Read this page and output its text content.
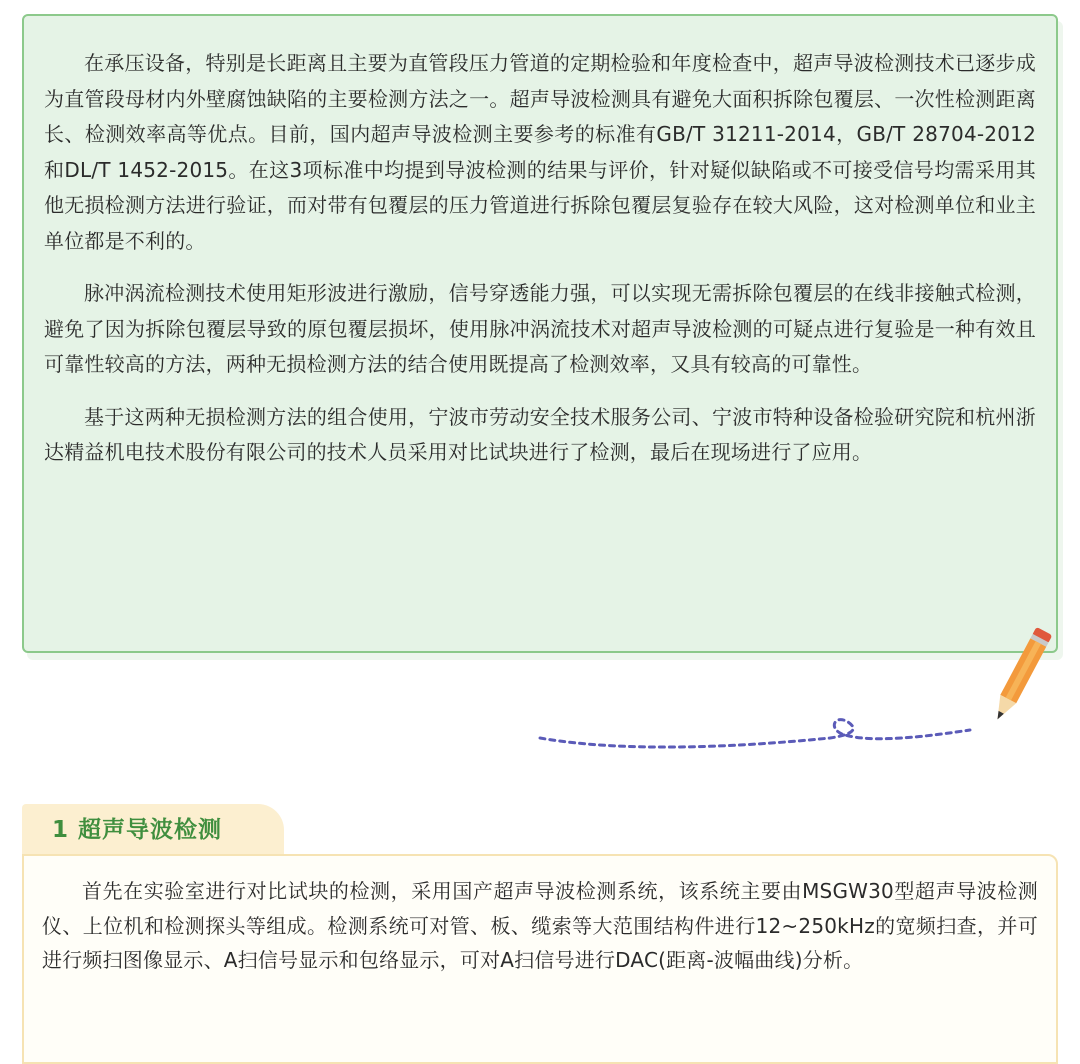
在承压设备，特别是长距离且主要为直管段压力管道的定期检验和年度检查中，超声导波检测技术已逐步成为直管段母材内外壁腐蚀缺陷的主要检测方法之一。超声导波检测具有避免大面积拆除包覆层、一次性检测距离长、检测效率高等优点。目前，国内超声导波检测主要参考的标准有GB/T 31211-2014，GB/T 28704-2012和DL/T 1452-2015。在这3项标准中均提到导波检测的结果与评价，针对疑似缺陷或不可接受信号均需采用其他无损检测方法进行验证，而对带有包覆层的压力管道进行拆除包覆层复验存在较大风险，这对检测单位和业主单位都是不利的。

脉冲涡流检测技术使用矩形波进行激励，信号穿透能力强，可以实现无需拆除包覆层的在线非接触式检测，避免了因为拆除包覆层导致的原包覆层损坏，使用脉冲涡流技术对超声导波检测的可疑点进行复验是一种有效且可靠性较高的方法，两种无损检测方法的结合使用既提高了检测效率，又具有较高的可靠性。

基于这两种无损检测方法的组合使用，宁波市劳动安全技术服务公司、宁波市特种设备检验研究院和杭州浙达精益机电技术股份有限公司的技术人员采用对比试块进行了检测，最后在现场进行了应用。

1 超声导波检测

首先在实验室进行对比试块的检测，采用国产超声导波检测系统，该系统主要由MSGW30型超声导波检测仪、上位机和检测探头等组成。检测系统可对管、板、缆索等大范围结构件进行12~250kHz的宽频扫查，并可进行频扫图像显示、A扫信号显示和包络显示，可对A扫信号进行DAC(距离-波幅曲线)分析。
